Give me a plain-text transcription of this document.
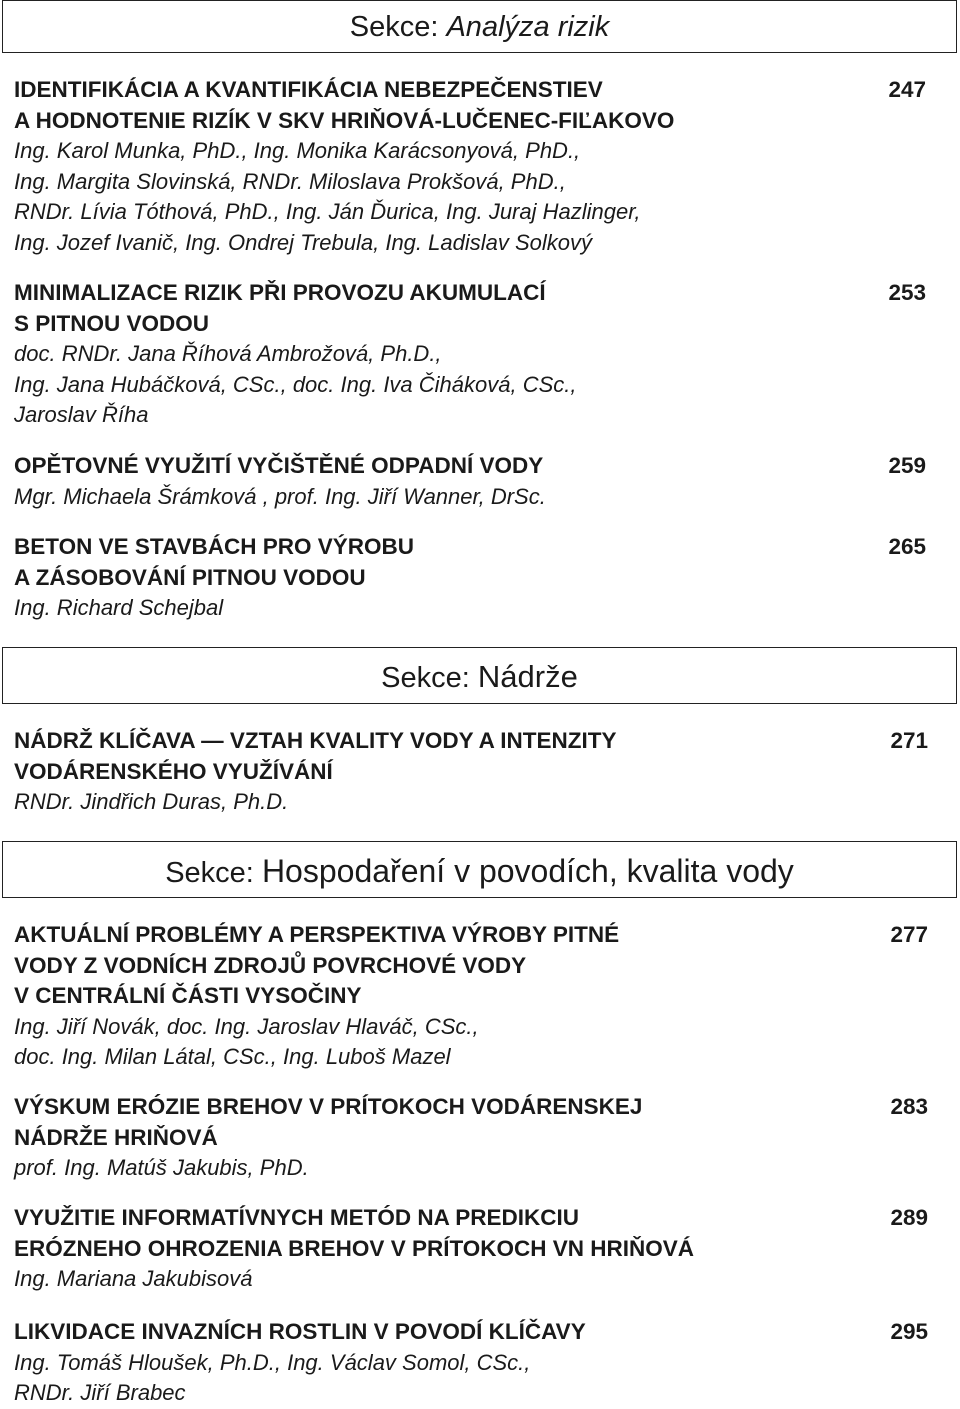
Sekce: Analýza rizik
IDENTIFIKÁCIA A KVANTIFIKÁCIA NEBEZPEČENSTIEV
A HODNOTENIE RIZÍK V SKV HRIŇOVÁ-LUČENEC-FIĽAKOVO
Ing. Karol Munka, PhD., Ing. Monika Karácsonyová, PhD.,
Ing. Margita Slovinská, RNDr. Miloslava Prokšová, PhD.,
RNDr. Lívia Tóthová, PhD., Ing. Ján Ďurica, Ing. Juraj Hazlinger,
Ing. Jozef Ivanič, Ing. Ondrej Trebula, Ing. Ladislav Solkový
247
MINIMALIZACE RIZIK PŘI PROVOZU AKUMULACÍ
S PITNOU VODOU
doc. RNDr. Jana Říhová Ambrožová, Ph.D.,
Ing. Jana Hubáčková, CSc., doc. Ing. Iva Čiháková, CSc.,
Jaroslav Říha
253
OPĚTOVNÉ VYUŽITÍ VYČIŠTĚNÉ ODPADNÍ VODY
Mgr. Michaela Šrámková , prof. Ing. Jiří Wanner, DrSc.
259
BETON VE STAVBÁCH PRO VÝROBU
A ZÁSOBOVÁNÍ PITNOU VODOU
Ing. Richard Schejbal
265
Sekce: Nádrže
NÁDRŽ KLÍČAVA — VZTAH KVALITY VODY A INTENZITY
VODÁRENSKÉHO VYUŽÍVÁNÍ
RNDr. Jindřich Duras, Ph.D.
271
Sekce: Hospodaření v povodích, kvalita vody
AKTUÁLNÍ PROBLÉMY A PERSPEKTIVA VÝROBY PITNÉ
VODY Z VODNÍCH ZDROJŮ POVRCHOVÉ VODY
V CENTRÁLNÍ ČÁSTI VYSOČINY
Ing. Jiří Novák, doc. Ing. Jaroslav Hlaváč, CSc.,
doc. Ing. Milan Látal, CSc., Ing. Luboš Mazel
277
VÝSKUM ERÓZIE BREHOV V PRÍTOKOCH VODÁRENSKEJ
NÁDRŽE HRIŇOVÁ
prof. Ing. Matúš Jakubis, PhD.
283
VYUŽITIE INFORMATÍVNYCH METÓD NA PREDIKCIU
ERÓZNEHO OHROZENIA BREHOV V PRÍTOKOCH VN HRIŇOVÁ
Ing. Mariana Jakubisová
289
LIKVIDACE INVAZNÍCH ROSTLIN V POVODÍ KLÍČAVY
Ing. Tomáš Hloušek, Ph.D., Ing. Václav Somol, CSc.,
RNDr. Jiří Brabec
295
